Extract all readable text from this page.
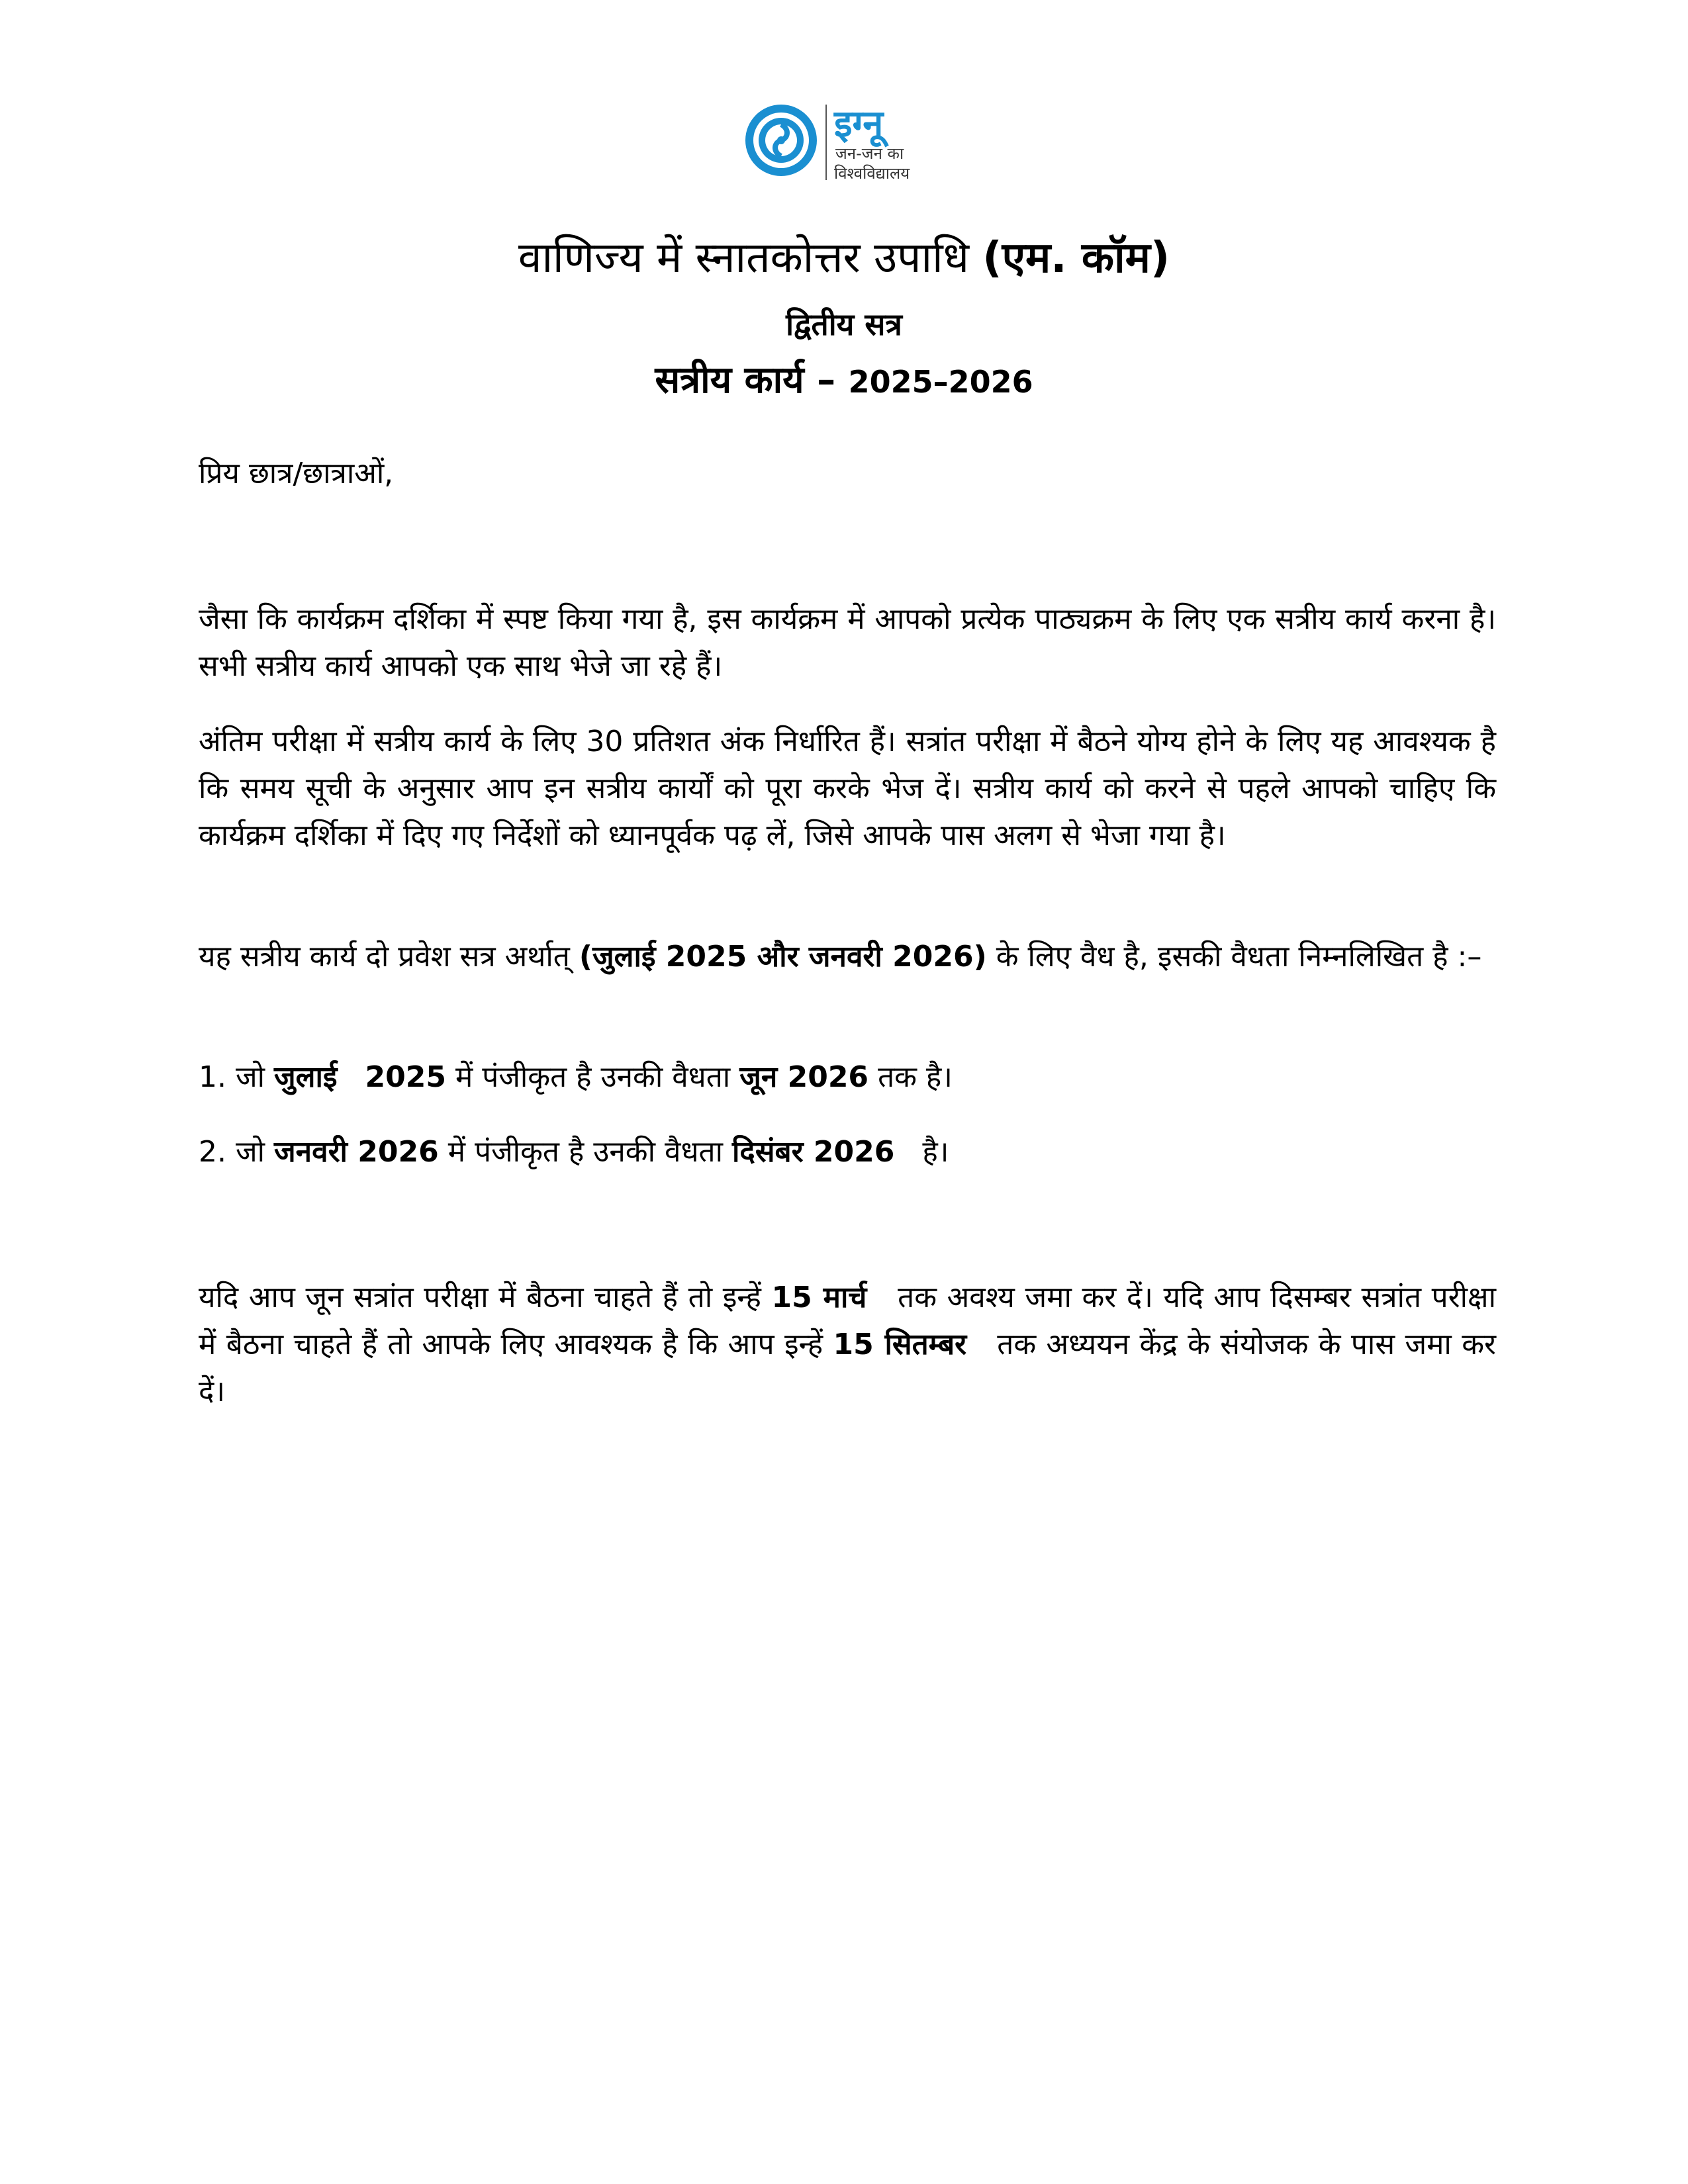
इग्नू
जन-जन का
विश्वविद्यालय
वाणिज्य में स्नातकोत्तर उपाधि (एम. कॉम)
द्वितीय सत्र
सत्रीय कार्य – 2025–2026
प्रिय छात्र/छात्राओं,
जैसा कि कार्यक्रम दर्शिका में स्पष्ट किया गया है, इस कार्यक्रम में आपको प्रत्येक पाठ्यक्रम के लिए एक सत्रीय कार्य करना है। सभी सत्रीय कार्य आपको एक साथ भेजे जा रहे हैं।
अंतिम परीक्षा में सत्रीय कार्य के लिए 30 प्रतिशत अंक निर्धारित हैं। सत्रांत परीक्षा में बैठने योग्य होने के लिए यह आवश्यक है कि समय सूची के अनुसार आप इन सत्रीय कार्यों को पूरा करके भेज दें। सत्रीय कार्य को करने से पहले आपको चाहिए कि कार्यक्रम दर्शिका में दिए गए निर्देशों को ध्यानपूर्वक पढ़ लें, जिसे आपके पास अलग से भेजा गया है।
यह सत्रीय कार्य दो प्रवेश सत्र अर्थात् (जुलाई 2025 और जनवरी 2026) के लिए वैध है, इसकी वैधता निम्नलिखित है :–
1. जो जुलाई 2025 में पंजीकृत है उनकी वैधता जून 2026 तक है।
2. जो जनवरी 2026 में पंजीकृत है उनकी वैधता दिसंबर 2026 है।
यदि आप जून सत्रांत परीक्षा में बैठना चाहते हैं तो इन्हें 15 मार्च तक अवश्य जमा कर दें। यदि आप दिसम्बर सत्रांत परीक्षा में बैठना चाहते हैं तो आपके लिए आवश्यक है कि आप इन्हें 15 सितम्बर तक अध्ययन केंद्र के संयोजक के पास जमा कर दें।
